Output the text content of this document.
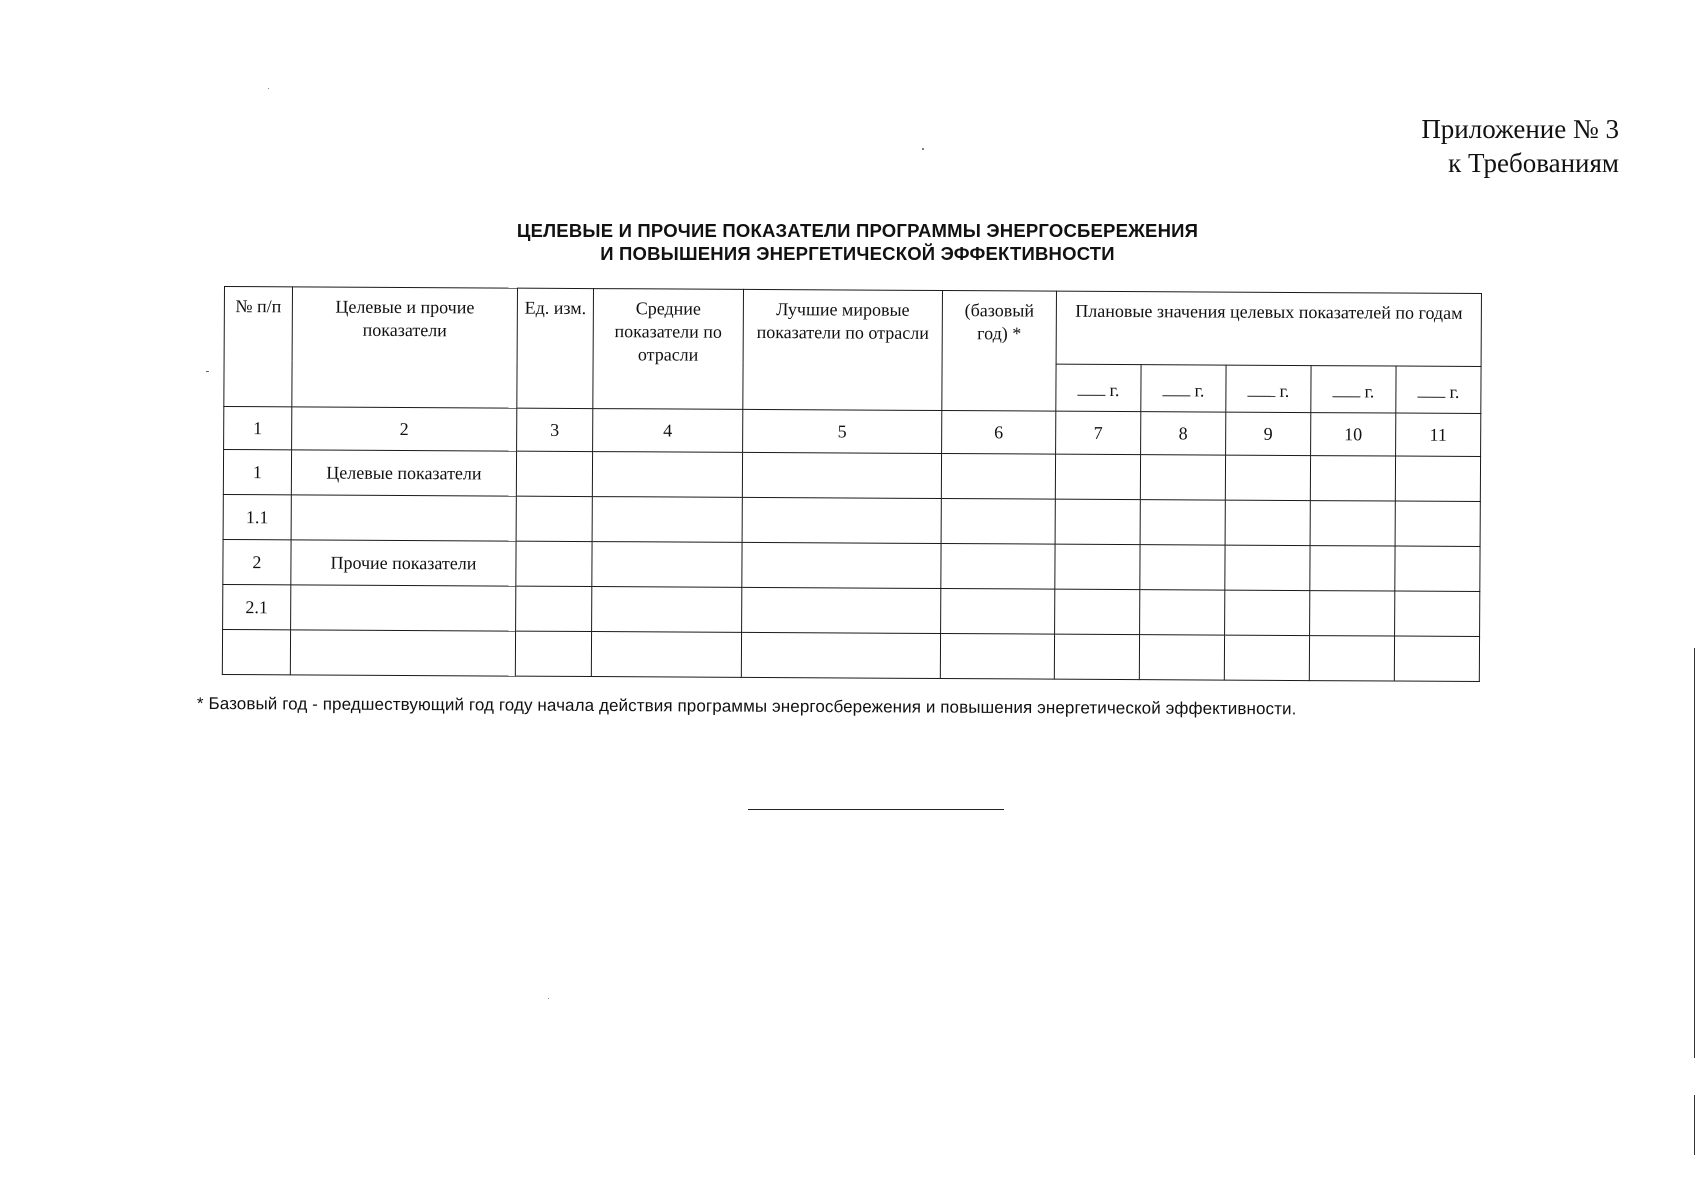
Приложение № 3
к Требованиям
ЦЕЛЕВЫЕ И ПРОЧИЕ ПОКАЗАТЕЛИ ПРОГРАММЫ ЭНЕРГОСБЕРЕЖЕНИЯ
И ПОВЫШЕНИЯ ЭНЕРГЕТИЧЕСКОЙ ЭФФЕКТИВНОСТИ
№ п/п	Целевые и прочие показатели	Ед. изм.	Средние показатели по отрасли	Лучшие мировые показатели по отрасли	(базовый год) *	Плановые значения целевых показателей по годам				
						г.	г.	г.	г.	г.
1	2	3	4	5	6	7	8	9	10	11
1	Целевые показатели									
1.1										
2	Прочие показатели									
2.1										

* Базовый год - предшествующий год году начала действия программы энергосбережения и повышения энергетической эффективности.
